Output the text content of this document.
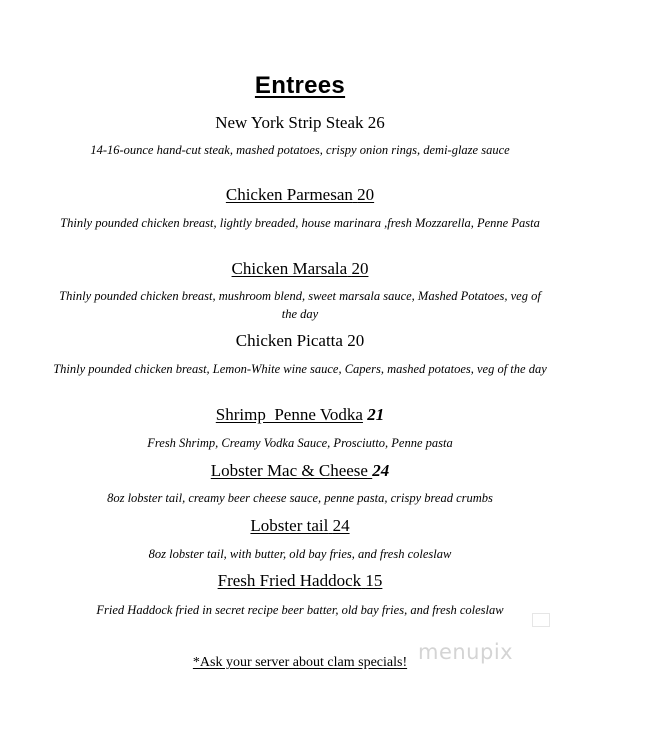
Entrees
New York Strip Steak 26
14-16-ounce hand-cut steak, mashed potatoes, crispy onion rings, demi-glaze sauce
Chicken Parmesan 20
Thinly pounded chicken breast, lightly breaded, house marinara ,fresh Mozzarella, Penne Pasta
Chicken Marsala 20
Thinly pounded chicken breast, mushroom blend, sweet marsala sauce, Mashed Potatoes, veg of the day
Chicken Picatta 20
Thinly pounded chicken breast, Lemon-White wine sauce, Capers, mashed potatoes, veg of the day
Shrimp  Penne Vodka 21
Fresh Shrimp, Creamy Vodka Sauce, Prosciutto, Penne pasta
Lobster Mac & Cheese 24
8oz lobster tail, creamy beer cheese sauce, penne pasta, crispy bread crumbs
Lobster tail 24
8oz lobster tail, with butter, old bay fries, and fresh coleslaw
Fresh Fried Haddock 15
Fried Haddock fried in secret recipe beer batter, old bay fries, and fresh coleslaw
menupix
*Ask your server about clam specials!
